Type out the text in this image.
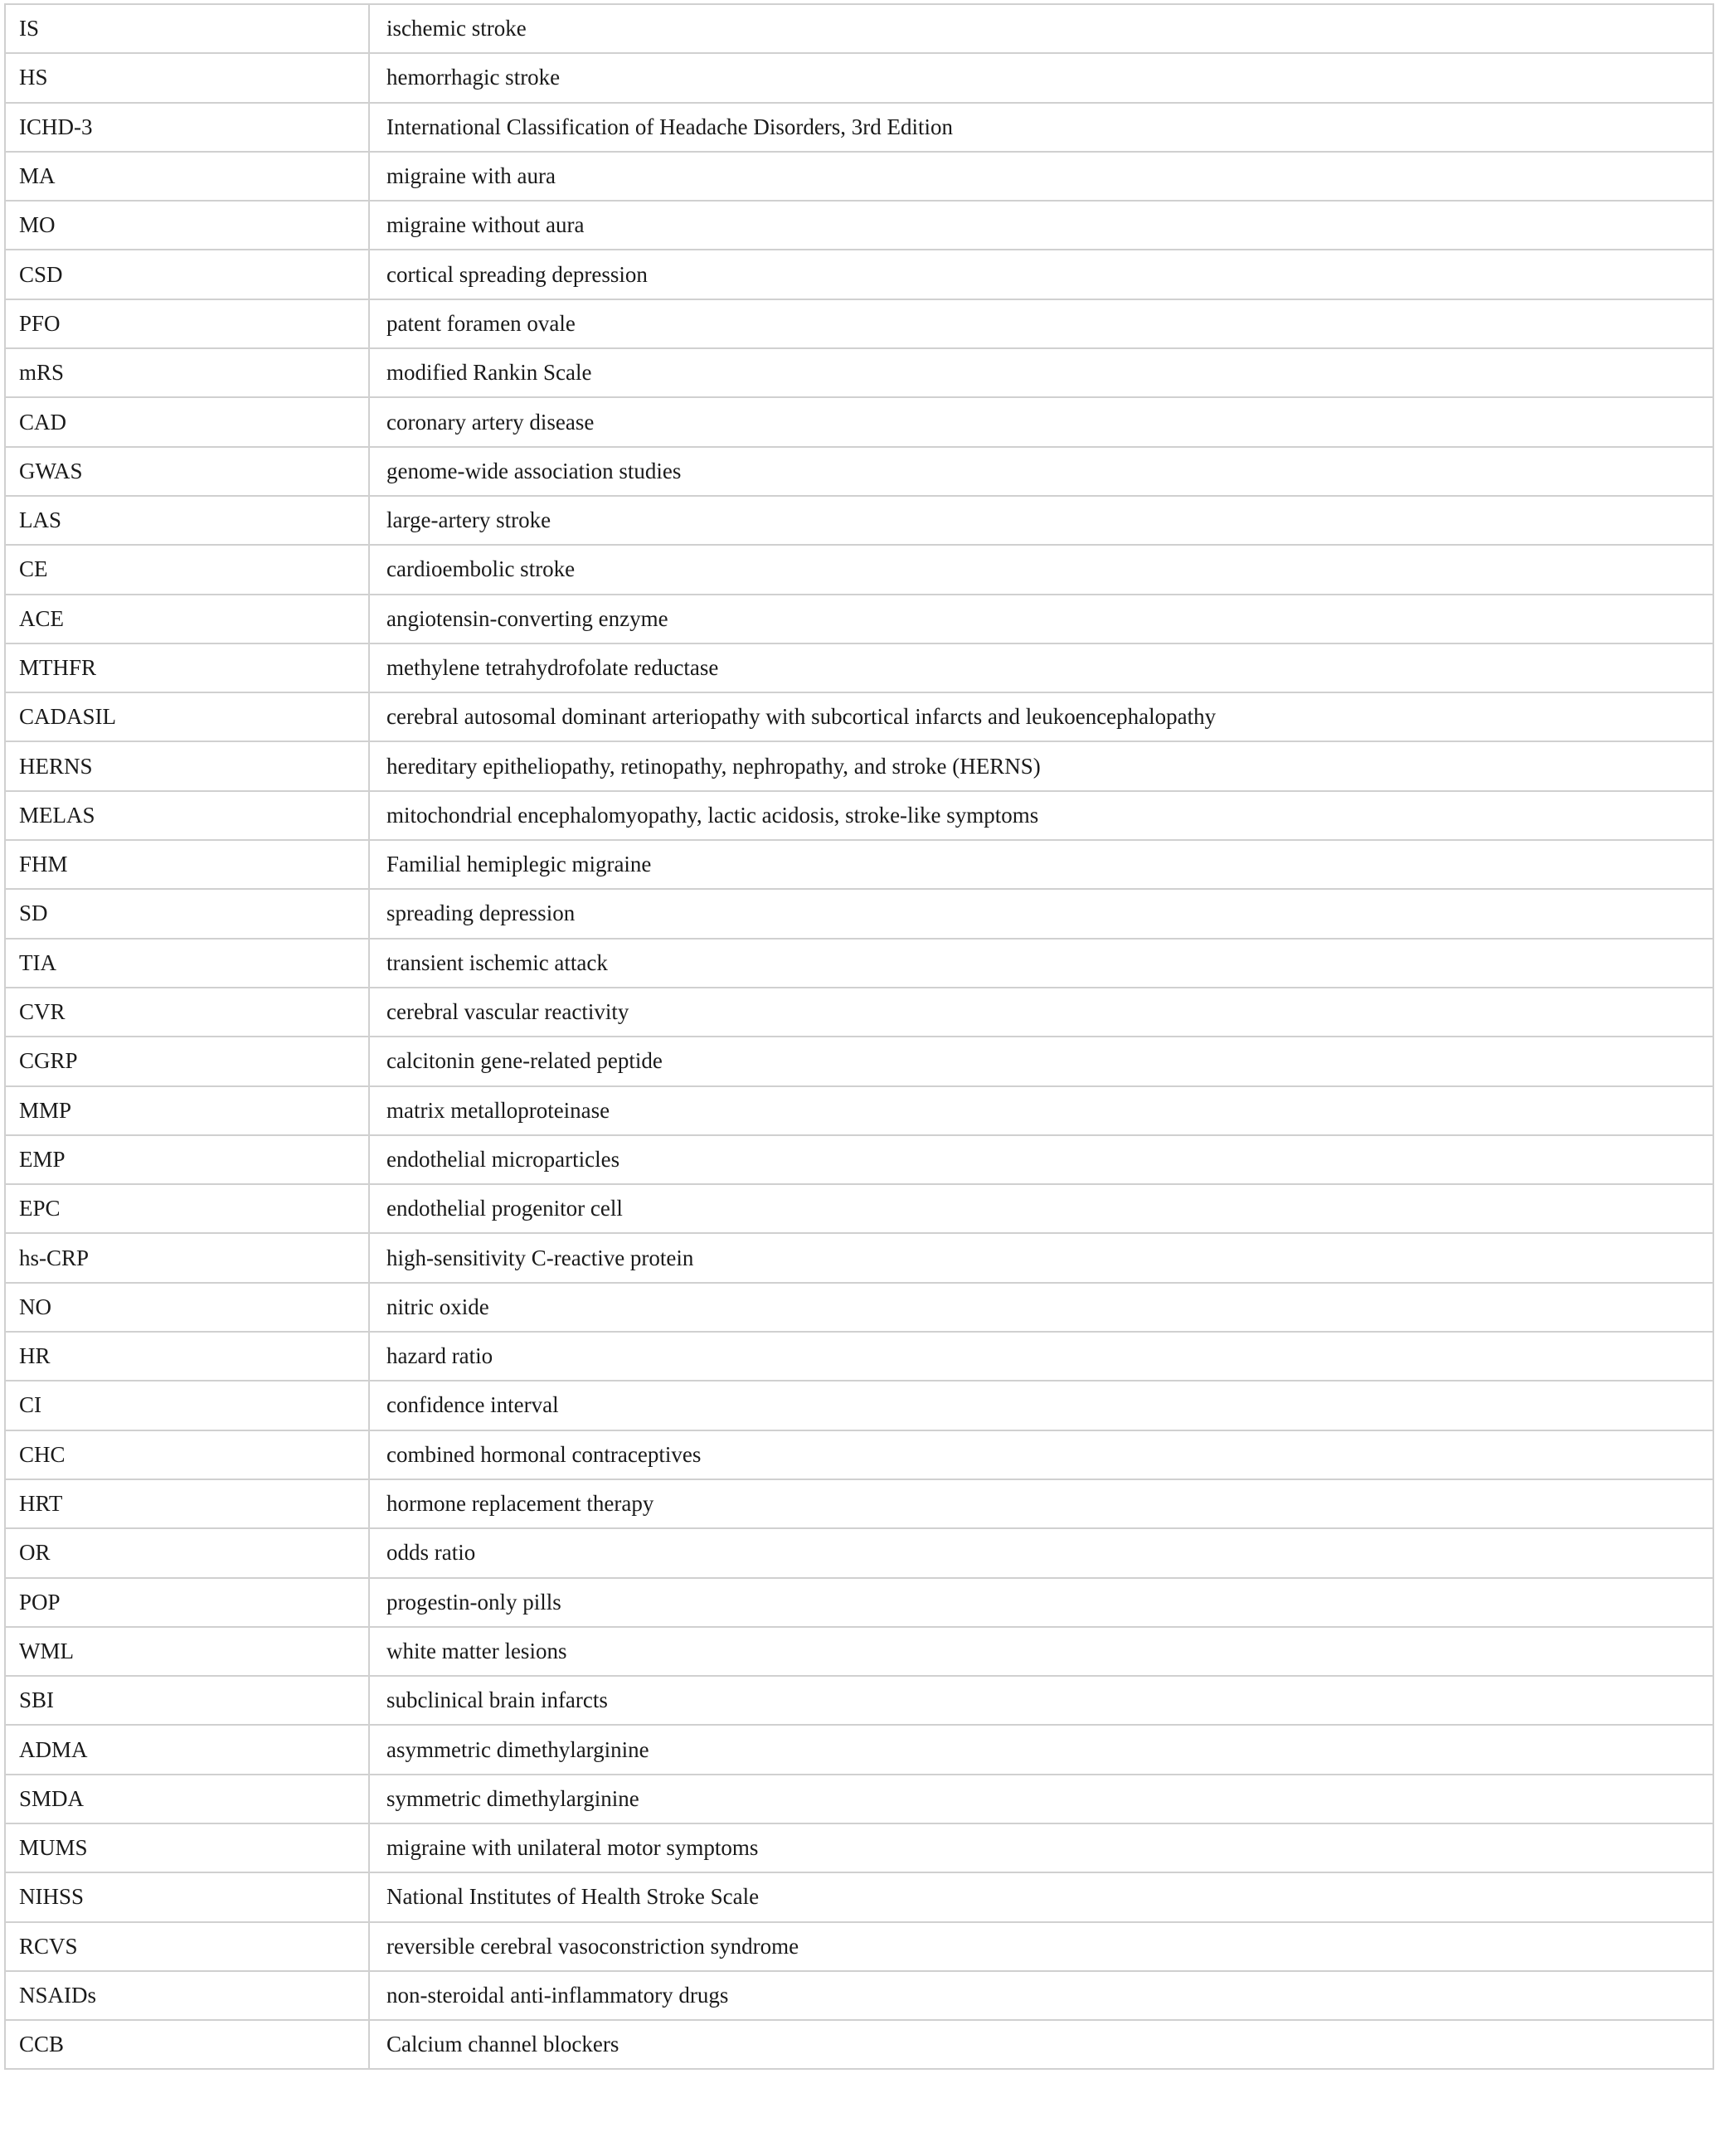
IS	ischemic stroke
HS	hemorrhagic stroke
ICHD-3	International Classification of Headache Disorders, 3rd Edition
MA	migraine with aura
MO	migraine without aura
CSD	cortical spreading depression
PFO	patent foramen ovale
mRS	modified Rankin Scale
CAD	coronary artery disease
GWAS	genome-wide association studies
LAS	large-artery stroke
CE	cardioembolic stroke
ACE	angiotensin-converting enzyme
MTHFR	methylene tetrahydrofolate reductase
CADASIL	cerebral autosomal dominant arteriopathy with subcortical infarcts and leukoencephalopathy
HERNS	hereditary epitheliopathy, retinopathy, nephropathy, and stroke (HERNS)
MELAS	mitochondrial encephalomyopathy, lactic acidosis, stroke-like symptoms
FHM	Familial hemiplegic migraine
SD	spreading depression
TIA	transient ischemic attack
CVR	cerebral vascular reactivity
CGRP	calcitonin gene-related peptide
MMP	matrix metalloproteinase
EMP	endothelial microparticles
EPC	endothelial progenitor cell
hs-CRP	high-sensitivity C-reactive protein
NO	nitric oxide
HR	hazard ratio
CI	confidence interval
CHC	combined hormonal contraceptives
HRT	hormone replacement therapy
OR	odds ratio
POP	progestin-only pills
WML	white matter lesions
SBI	subclinical brain infarcts
ADMA	asymmetric dimethylarginine
SMDA	symmetric dimethylarginine
MUMS	migraine with unilateral motor symptoms
NIHSS	National Institutes of Health Stroke Scale
RCVS	reversible cerebral vasoconstriction syndrome
NSAIDs	non-steroidal anti-inflammatory drugs
CCB	Calcium channel blockers
